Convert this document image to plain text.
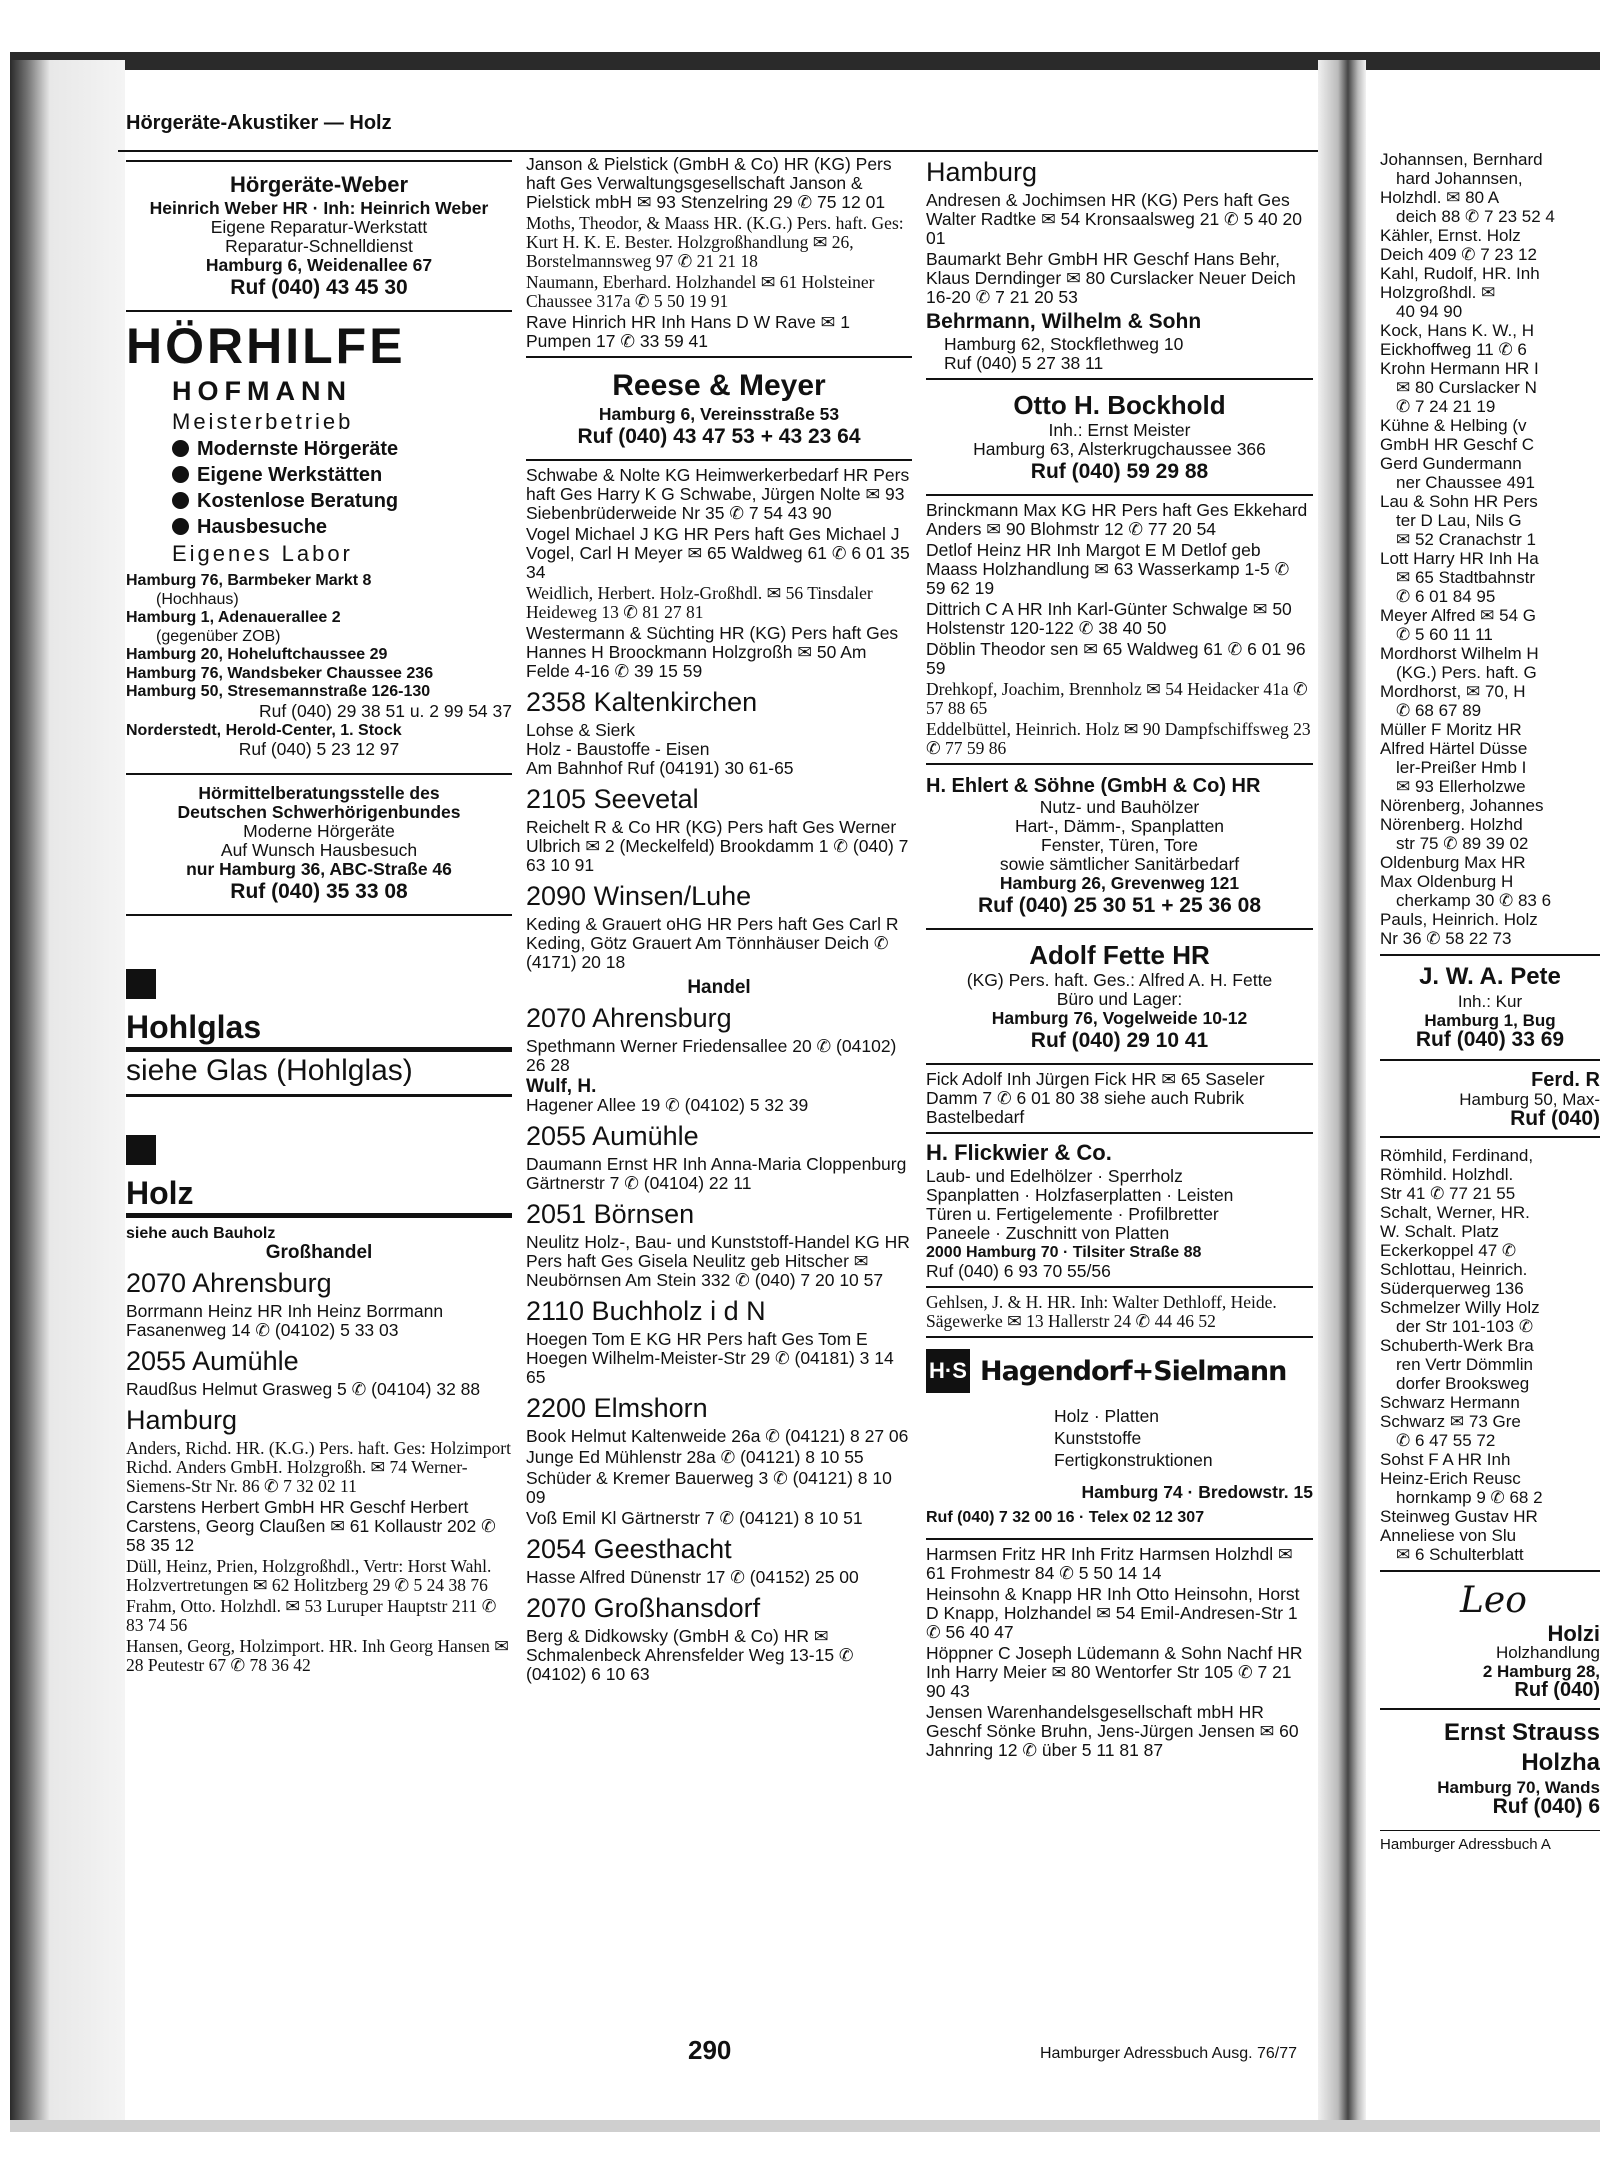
Hörgeräte-Akustiker — Holz
Hörgeräte-Weber
Heinrich Weber HR · Inh: Heinrich Weber
Eigene Reparatur-Werkstatt
Reparatur-Schnelldienst
Hamburg 6, Weidenallee 67
Ruf (040) 43 45 30
HÖRHILFE
HOFMANN
Meisterbetrieb
Modernste Hörgeräte
Eigene Werkstätten
Kostenlose Beratung
Hausbesuche
Eigenes Labor
Hamburg 76, Barmbeker Markt 8
(Hochhaus)
Hamburg 1, Adenauerallee 2
(gegenüber ZOB)
Hamburg 20, Hoheluftchaussee 29
Hamburg 76, Wandsbeker Chaussee 236
Hamburg 50, Stresemannstraße 126-130
Ruf (040) 29 38 51 u. 2 99 54 37
Norderstedt, Herold-Center, 1. Stock
Ruf (040) 5 23 12 97
Hörmittelberatungsstelle des
Deutschen Schwerhörigenbundes
Moderne Hörgeräte
Auf Wunsch Hausbesuch
nur Hamburg 36, ABC-Straße 46
Ruf (040) 35 33 08
Hohlglas
siehe Glas (Hohlglas)
Holz
siehe auch Bauholz
Großhandel
2070 Ahrensburg
Borrmann Heinz HR Inh Heinz Borrmann Fasanenweg 14 ✆ (04102) 5 33 03
2055 Aumühle
Raudßus Helmut Grasweg 5 ✆ (04104) 32 88
Hamburg
Anders, Richd. HR. (K.G.) Pers. haft. Ges: Holzimport Richd. Anders GmbH. Holzgroßh. ✉ 74 Werner-Siemens-Str Nr. 86 ✆ 7 32 02 11
Carstens Herbert GmbH HR Geschf Herbert Carstens, Georg Claußen ✉ 61 Kollaustr 202 ✆ 58 35 12
Düll, Heinz, Prien, Holzgroßhdl., Vertr: Horst Wahl. Holzvertretungen ✉ 62 Holitzberg 29 ✆ 5 24 38 76
Frahm, Otto. Holzhdl. ✉ 53 Luruper Hauptstr 211 ✆ 83 74 56
Hansen, Georg, Holzimport. HR. Inh Georg Hansen ✉ 28 Peutestr 67 ✆ 78 36 42
Janson & Pielstick (GmbH & Co) HR (KG) Pers haft Ges Verwaltungsgesellschaft Janson & Pielstick mbH ✉ 93 Stenzelring 29 ✆ 75 12 01
Moths, Theodor, & Maass HR. (K.G.) Pers. haft. Ges: Kurt H. K. E. Bester. Holzgroßhandlung ✉ 26, Borstelmannsweg 97 ✆ 21 21 18
Naumann, Eberhard. Holzhandel ✉ 61 Holsteiner Chaussee 317a ✆ 5 50 19 91
Rave Hinrich HR Inh Hans D W Rave ✉ 1 Pumpen 17 ✆ 33 59 41
Reese & Meyer
Hamburg 6, Vereinsstraße 53
Ruf (040) 43 47 53 + 43 23 64
Schwabe & Nolte KG Heimwerkerbedarf HR Pers haft Ges Harry K G Schwabe, Jürgen Nolte ✉ 93 Siebenbrüderweide Nr 35 ✆ 7 54 43 90
Vogel Michael J KG HR Pers haft Ges Michael J Vogel, Carl H Meyer ✉ 65 Waldweg 61 ✆ 6 01 35 34
Weidlich, Herbert. Holz-Großhdl. ✉ 56 Tinsdaler Heideweg 13 ✆ 81 27 81
Westermann & Süchting HR (KG) Pers haft Ges Hannes H Broockmann Holzgroßh ✉ 50 Am Felde 4-16 ✆ 39 15 59
2358 Kaltenkirchen
Lohse & Sierk
Holz - Baustoffe - Eisen
Am Bahnhof Ruf (04191) 30 61-65
2105 Seevetal
Reichelt R & Co HR (KG) Pers haft Ges Werner Ulbrich ✉ 2 (Meckelfeld) Brookdamm 1 ✆ (040) 7 63 10 91
2090 Winsen/Luhe
Keding & Grauert oHG HR Pers haft Ges Carl R Keding, Götz Grauert Am Tönnhäuser Deich ✆ (4171) 20 18
Handel
2070 Ahrensburg
Spethmann Werner Friedensallee 20 ✆ (04102) 26 28
Wulf, H.
Hagener Allee 19 ✆ (04102) 5 32 39
2055 Aumühle
Daumann Ernst HR Inh Anna-Maria Cloppenburg Gärtnerstr 7 ✆ (04104) 22 11
2051 Börnsen
Neulitz Holz-, Bau- und Kunststoff-Handel KG HR Pers haft Ges Gisela Neulitz geb Hitscher ✉ Neubörnsen Am Stein 332 ✆ (040) 7 20 10 57
2110 Buchholz i d N
Hoegen Tom E KG HR Pers haft Ges Tom E Hoegen Wilhelm-Meister-Str 29 ✆ (04181) 3 14 65
2200 Elmshorn
Book Helmut Kaltenweide 26a ✆ (04121) 8 27 06
Junge Ed Mühlenstr 28a ✆ (04121) 8 10 55
Schüder & Kremer Bauerweg 3 ✆ (04121) 8 10 09
Voß Emil Kl Gärtnerstr 7 ✆ (04121) 8 10 51
2054 Geesthacht
Hasse Alfred Dünenstr 17 ✆ (04152) 25 00
2070 Großhansdorf
Berg & Didkowsky (GmbH & Co) HR ✉ Schmalenbeck Ahrensfelder Weg 13-15 ✆ (04102) 6 10 63
Hamburg
Andresen & Jochimsen HR (KG) Pers haft Ges Walter Radtke ✉ 54 Kronsaalsweg 21 ✆ 5 40 20 01
Baumarkt Behr GmbH HR Geschf Hans Behr, Klaus Derndinger ✉ 80 Curslacker Neuer Deich 16-20 ✆ 7 21 20 53
Behrmann, Wilhelm & Sohn
Hamburg 62, Stockflethweg 10
Ruf (040) 5 27 38 11
Otto H. Bockhold
Inh.: Ernst Meister
Hamburg 63, Alsterkrugchaussee 366
Ruf (040) 59 29 88
Brinckmann Max KG HR Pers haft Ges Ekkehard Anders ✉ 90 Blohmstr 12 ✆ 77 20 54
Detlof Heinz HR Inh Margot E M Detlof geb Maass Holzhandlung ✉ 63 Wasserkamp 1-5 ✆ 59 62 19
Dittrich C A HR Inh Karl-Günter Schwalge ✉ 50 Holstenstr 120-122 ✆ 38 40 50
Döblin Theodor sen ✉ 65 Waldweg 61 ✆ 6 01 96 59
Drehkopf, Joachim, Brennholz ✉ 54 Heidacker 41a ✆ 57 88 65
Eddelbüttel, Heinrich. Holz ✉ 90 Dampfschiffsweg 23 ✆ 77 59 86
H. Ehlert & Söhne (GmbH & Co) HR
Nutz- und Bauhölzer
Hart-, Dämm-, Spanplatten
Fenster, Türen, Tore
sowie sämtlicher Sanitärbedarf
Hamburg 26, Grevenweg 121
Ruf (040) 25 30 51 + 25 36 08
Adolf Fette HR
(KG) Pers. haft. Ges.: Alfred A. H. Fette
Büro und Lager:
Hamburg 76, Vogelweide 10-12
Ruf (040) 29 10 41
Fick Adolf Inh Jürgen Fick HR ✉ 65 Saseler Damm 7 ✆ 6 01 80 38 siehe auch Rubrik Bastelbedarf
H. Flickwier & Co.
Laub- und Edelhölzer · Sperrholz
Spanplatten · Holzfaserplatten · Leisten
Türen u. Fertigelemente · Profilbretter
Paneele · Zuschnitt von Platten
2000 Hamburg 70 · Tilsiter Straße 88
Ruf (040) 6 93 70 55/56
Gehlsen, J. & H. HR. Inh: Walter Dethloff, Heide. Sägewerke ✉ 13 Hallerstr 24 ✆ 44 46 52
H·S Hagendorf+Sielmann
Holz · Platten
Kunststoffe
Fertigkonstruktionen
Hamburg 74 · Bredowstr. 15
Ruf (040) 7 32 00 16 · Telex 02 12 307
Harmsen Fritz HR Inh Fritz Harmsen Holzhdl ✉ 61 Frohmestr 84 ✆ 5 50 14 14
Heinsohn & Knapp HR Inh Otto Heinsohn, Horst D Knapp, Holzhandel ✉ 54 Emil-Andresen-Str 1 ✆ 56 40 47
Höppner C Joseph Lüdemann & Sohn Nachf HR Inh Harry Meier ✉ 80 Wentorfer Str 105 ✆ 7 21 90 43
Jensen Warenhandelsgesellschaft mbH HR Geschf Sönke Bruhn, Jens-Jürgen Jensen ✉ 60 Jahnring 12 ✆ über 5 11 81 87
290	Hamburger Adressbuch Ausg. 76/77
Johannsen, Bernhard
hard Johannsen,
Holzhdl. ✉ 80 A
deich 88 ✆ 7 23 52 4
Kähler, Ernst. Holz
Deich 409 ✆ 7 23 12
Kahl, Rudolf, HR. Inh
Holzgroßhdl. ✉
40 94 90
Kock, Hans K. W., H
Eickhoffweg 11 ✆ 6
Krohn Hermann HR I
✉ 80 Curslacker N
✆ 7 24 21 19
Kühne & Helbing (v
GmbH HR Geschf C
Gerd Gundermann
ner Chaussee 491
Lau & Sohn HR Pers
ter D Lau, Nils G
✉ 52 Cranachstr 1
Lott Harry HR Inh Ha
✉ 65 Stadtbahnstr
✆ 6 01 84 95
Meyer Alfred ✉ 54 G
✆ 5 60 11 11
Mordhorst Wilhelm H
(KG.) Pers. haft. G
Mordhorst, ✉ 70, H
✆ 68 67 89
Müller F Moritz HR
Alfred Härtel Düsse
ler-Preißer Hmb I
✉ 93 Ellerholzwe
Nörenberg, Johannes
Nörenberg. Holzhd
str 75 ✆ 89 39 02
Oldenburg Max HR
Max Oldenburg H
cherkamp 30 ✆ 83 6
Pauls, Heinrich. Holz
Nr 36 ✆ 58 22 73
J. W. A. Pete
Inh.: Kur
Hamburg 1, Bug
Ruf (040) 33 69
Ferd. R
Hamburg 50, Max-
Ruf (040)
Römhild, Ferdinand,
Römhild. Holzhdl.
Str 41 ✆ 77 21 55
Schalt, Werner, HR.
W. Schalt. Platz
Eckerkoppel 47 ✆
Schlottau, Heinrich.
Süderquerweg 136
Schmelzer Willy Holz
der Str 101-103 ✆
Schuberth-Werk Bra
ren Vertr Dömmlin
dorfer Brooksweg
Schwarz Hermann
Schwarz ✉ 73 Gre
✆ 6 47 55 72
Sohst F A HR Inh
Heinz-Erich Reusc
hornkamp 9 ✆ 68 2
Steinweg Gustav HR
Anneliese von Slu
✉ 6 Schulterblatt
Leo
Holzi
Holzhandlung
2 Hamburg 28,
Ruf (040)
Ernst Strauss
Holzha
Hamburg 70, Wands
Ruf (040) 6
Hamburger Adressbuch A
